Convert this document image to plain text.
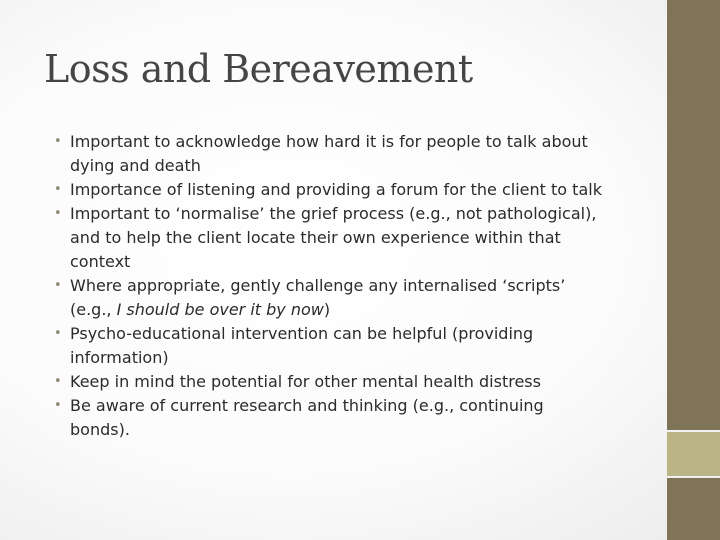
Loss and Bereavement
• Important to acknowledge how hard it is for people to talk about dying and death
• Importance of listening and providing a forum for the client to talk
• Important to ‘normalise’ the grief process (e.g., not pathological), and to help the client locate their own experience within that context
• Where appropriate, gently challenge any internalised ‘scripts’ (e.g., I should be over it by now)
• Psycho-educational intervention can be helpful (providing information)
• Keep in mind the potential for other mental health distress
• Be aware of current research and thinking (e.g., continuing bonds).
